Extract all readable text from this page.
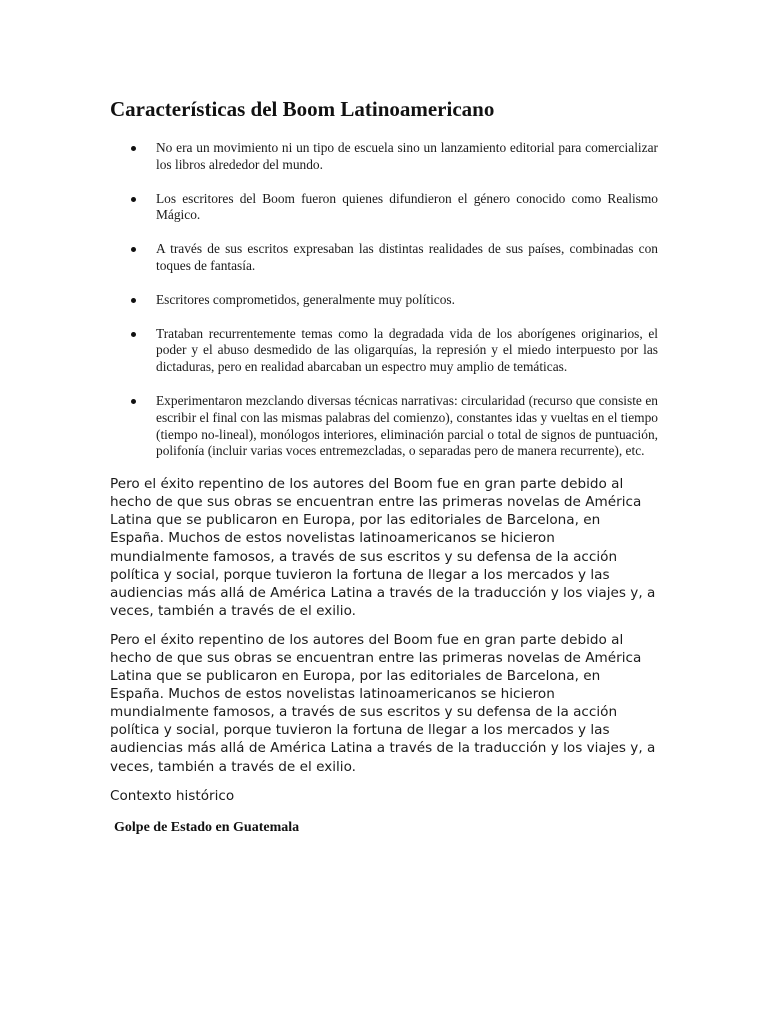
Características del Boom Latinoamericano
No era un movimiento ni un tipo de escuela sino un lanzamiento editorial para comercializar los libros alrededor del mundo.
Los escritores del Boom fueron quienes difundieron el género conocido como Realismo Mágico.
A través de sus escritos expresaban las distintas realidades de sus países, combinadas con toques de fantasía.
Escritores comprometidos, generalmente muy políticos.
Trataban recurrentemente temas como la degradada vida de los aborígenes originarios, el poder y el abuso desmedido de las oligarquías, la represión y el miedo interpuesto por las dictaduras, pero en realidad abarcaban un espectro muy amplio de temáticas.
Experimentaron mezclando diversas técnicas narrativas: circularidad (recurso que consiste en escribir el final con las mismas palabras del comienzo), constantes idas y vueltas en el tiempo (tiempo no-lineal), monólogos interiores, eliminación parcial o total de signos de puntuación, polifonía (incluir varias voces entremezcladas, o separadas pero de manera recurrente), etc.

Pero el éxito repentino de los autores del Boom fue en gran parte debido al hecho de que sus obras se encuentran entre las primeras novelas de América Latina que se publicaron en Europa, por las editoriales de Barcelona, en España. Muchos de estos novelistas latinoamericanos se hicieron mundialmente famosos, a través de sus escritos y su defensa de la acción política y social, porque tuvieron la fortuna de llegar a los mercados y las audiencias más allá de América Latina a través de la traducción y los viajes y, a veces, también a través de el exilio.

Pero el éxito repentino de los autores del Boom fue en gran parte debido al hecho de que sus obras se encuentran entre las primeras novelas de América Latina que se publicaron en Europa, por las editoriales de Barcelona, en España. Muchos de estos novelistas latinoamericanos se hicieron mundialmente famosos, a través de sus escritos y su defensa de la acción política y social, porque tuvieron la fortuna de llegar a los mercados y las audiencias más allá de América Latina a través de la traducción y los viajes y, a veces, también a través de el exilio.

Contexto histórico

Golpe de Estado en Guatemala
